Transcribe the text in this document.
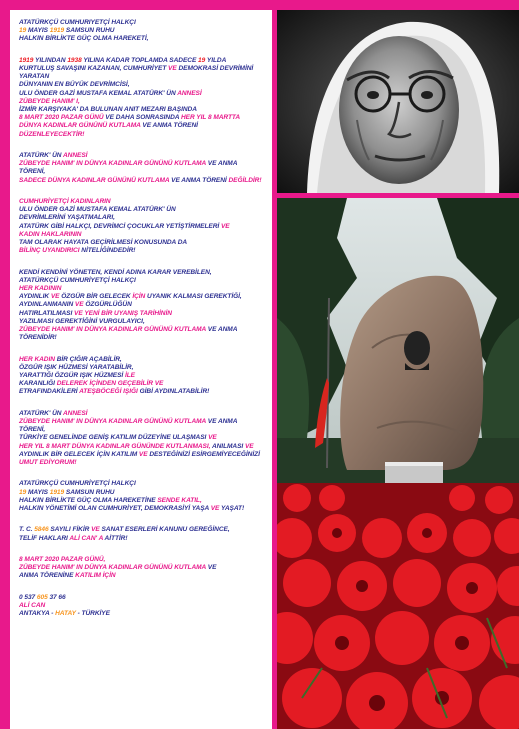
ATATÜRKÇÜ CUMHURIYETÇİ HALKÇI
19 MAYIS 1919 SAMSUN RUHU
HALKIN BİRLİKTE GÜÇ OLMA HAREKETİ,
1919 YILINDAN 1938 YILINA KADAR TOPLAMDA SADECE 19 YILDA
KURTULUŞ SAVAŞINI KAZANAN, CUMHURİYET VE DEMOKRASİ DEVRİMİNİ
YARATAN
DÜNYANIN EN BÜYÜK DEVRİMCİSİ,
ULU ÖNDER GAZİ MUSTAFA KEMAL ATATÜRK' ÜN ANNESİ
ZÜBEYDE HANIM' I,
İZMİR KARŞIYAKA' DA BULUNAN ANIT MEZARI BAŞINDA
8 MART 2020 PAZAR GÜNÜ VE DAHA SONRASINDA HER YIL 8 MARTTA
DÜNYA KADINLAR GÜNÜNÜ KUTLAMA VE ANMA TÖRENİ
DÜZENLEYECEKTİR!
ATATÜRK' ÜN ANNESİ
ZÜBEYDE HANIM' IN DÜNYA KADINLAR GÜNÜNÜ KUTLAMA VE ANMA
TÖRENİ,
SADECE DÜNYA KADINLAR GÜNÜNÜ KUTLAMA VE ANMA TÖRENİ DEĞİLDİR!
CUMHURİYETÇİ KADINLARIN
ULU ÖNDER GAZİ MUSTAFA KEMAL ATATÜRK' ÜN
DEVRİMLERİNİ YAŞATMALARI,
ATATÜRK GİBİ HALKÇI, DEVRİMCİ ÇOCUKLAR YETİŞTİRMELERİ VE
KADIN HAKLARININ
TAM OLARAK HAYATA GEÇİRİLMESİ KONUSUNDA DA
BİLİNÇ UYANDIRICI NİTELİĞİNDEDİR!
KENDİ KENDİNİ YÖNETEN, KENDİ ADINA KARAR VEREBİLEN,
ATATÜRKÇÜ CUMHURİYETÇİ HALKÇI
HER KADININ
AYDINLIK VE ÖZGÜR BİR GELECEK İÇİN UYANIK KALMASI GEREKTİĞİ,
AYDINLANMANIN VE ÖZGÜRLÜĞÜN
HATIRLATILMASI VE YENİ BİR UYANIŞ TARİHİNİN
YAZILMASI GEREKTİĞİNİ VURGULAYICI,
ZÜBEYDE HANIM' IN DÜNYA KADINLAR GÜNÜNÜ KUTLAMA VE ANMA
TÖRENİDİR!
HER KADIN BİR ÇIĞIR AÇABİLİR,
ÖZGÜR IŞIK HÜZMESİ YARATABİLİR,
YARATTIĞI ÖZGÜR IŞIK HÜZMESİ İLE
KARANLIĞI DELEREK İÇİNDEN GEÇEBİLİR VE
ETRAFINDAKİLERİ ATEŞBÖCEĞİ IŞIĞI GİBİ AYDINLATABİLİR!
ATATÜRK' ÜN ANNESİ
ZÜBEYDE HANIM' IN DÜNYA KADINLAR GÜNÜNÜ KUTLAMA VE ANMA
TÖRENİ,
TÜRKİYE GENELİNDE GENİŞ KATILIM DÜZEYİNE ULAŞMASI VE
HER YIL 8 MART DÜNYA KADINLAR GÜNÜNDE KUTLANMASI, ANILMASI VE
AYDINLIK BİR GELECEK İÇİN KATILIM VE DESTEĞİNİZİ ESİRGEMİYECEĞİNİZİ
UMUT EDİYORUM!
ATATÜRKÇÜ CUMHURİYETÇİ HALKÇI
19 MAYIS 1919 SAMSUN RUHU
HALKIN BİRLİKTE GÜÇ OLMA HAREKETİNE SENDE KATIL,
HALKIN YÖNETİMİ OLAN CUMHURİYET, DEMOKRASİYİ YAŞA VE YAŞAT!
T. C. 5846 SAYILI FİKİR VE SANAT ESERLERİ KANUNU GEREĞİNCE,
TELİF HAKLARI ALİ CAN' A AİTTİR!
8 MART 2020 PAZAR GÜNÜ,
ZÜBEYDE HANIM' IN DÜNYA KADINLAR GÜNÜNÜ KUTLAMA VE
ANMA TÖRENİNE KATILIM İÇİN
0 537 605 37 66
ALİ CAN
ANTAKYA - HATAY - TÜRKİYE
